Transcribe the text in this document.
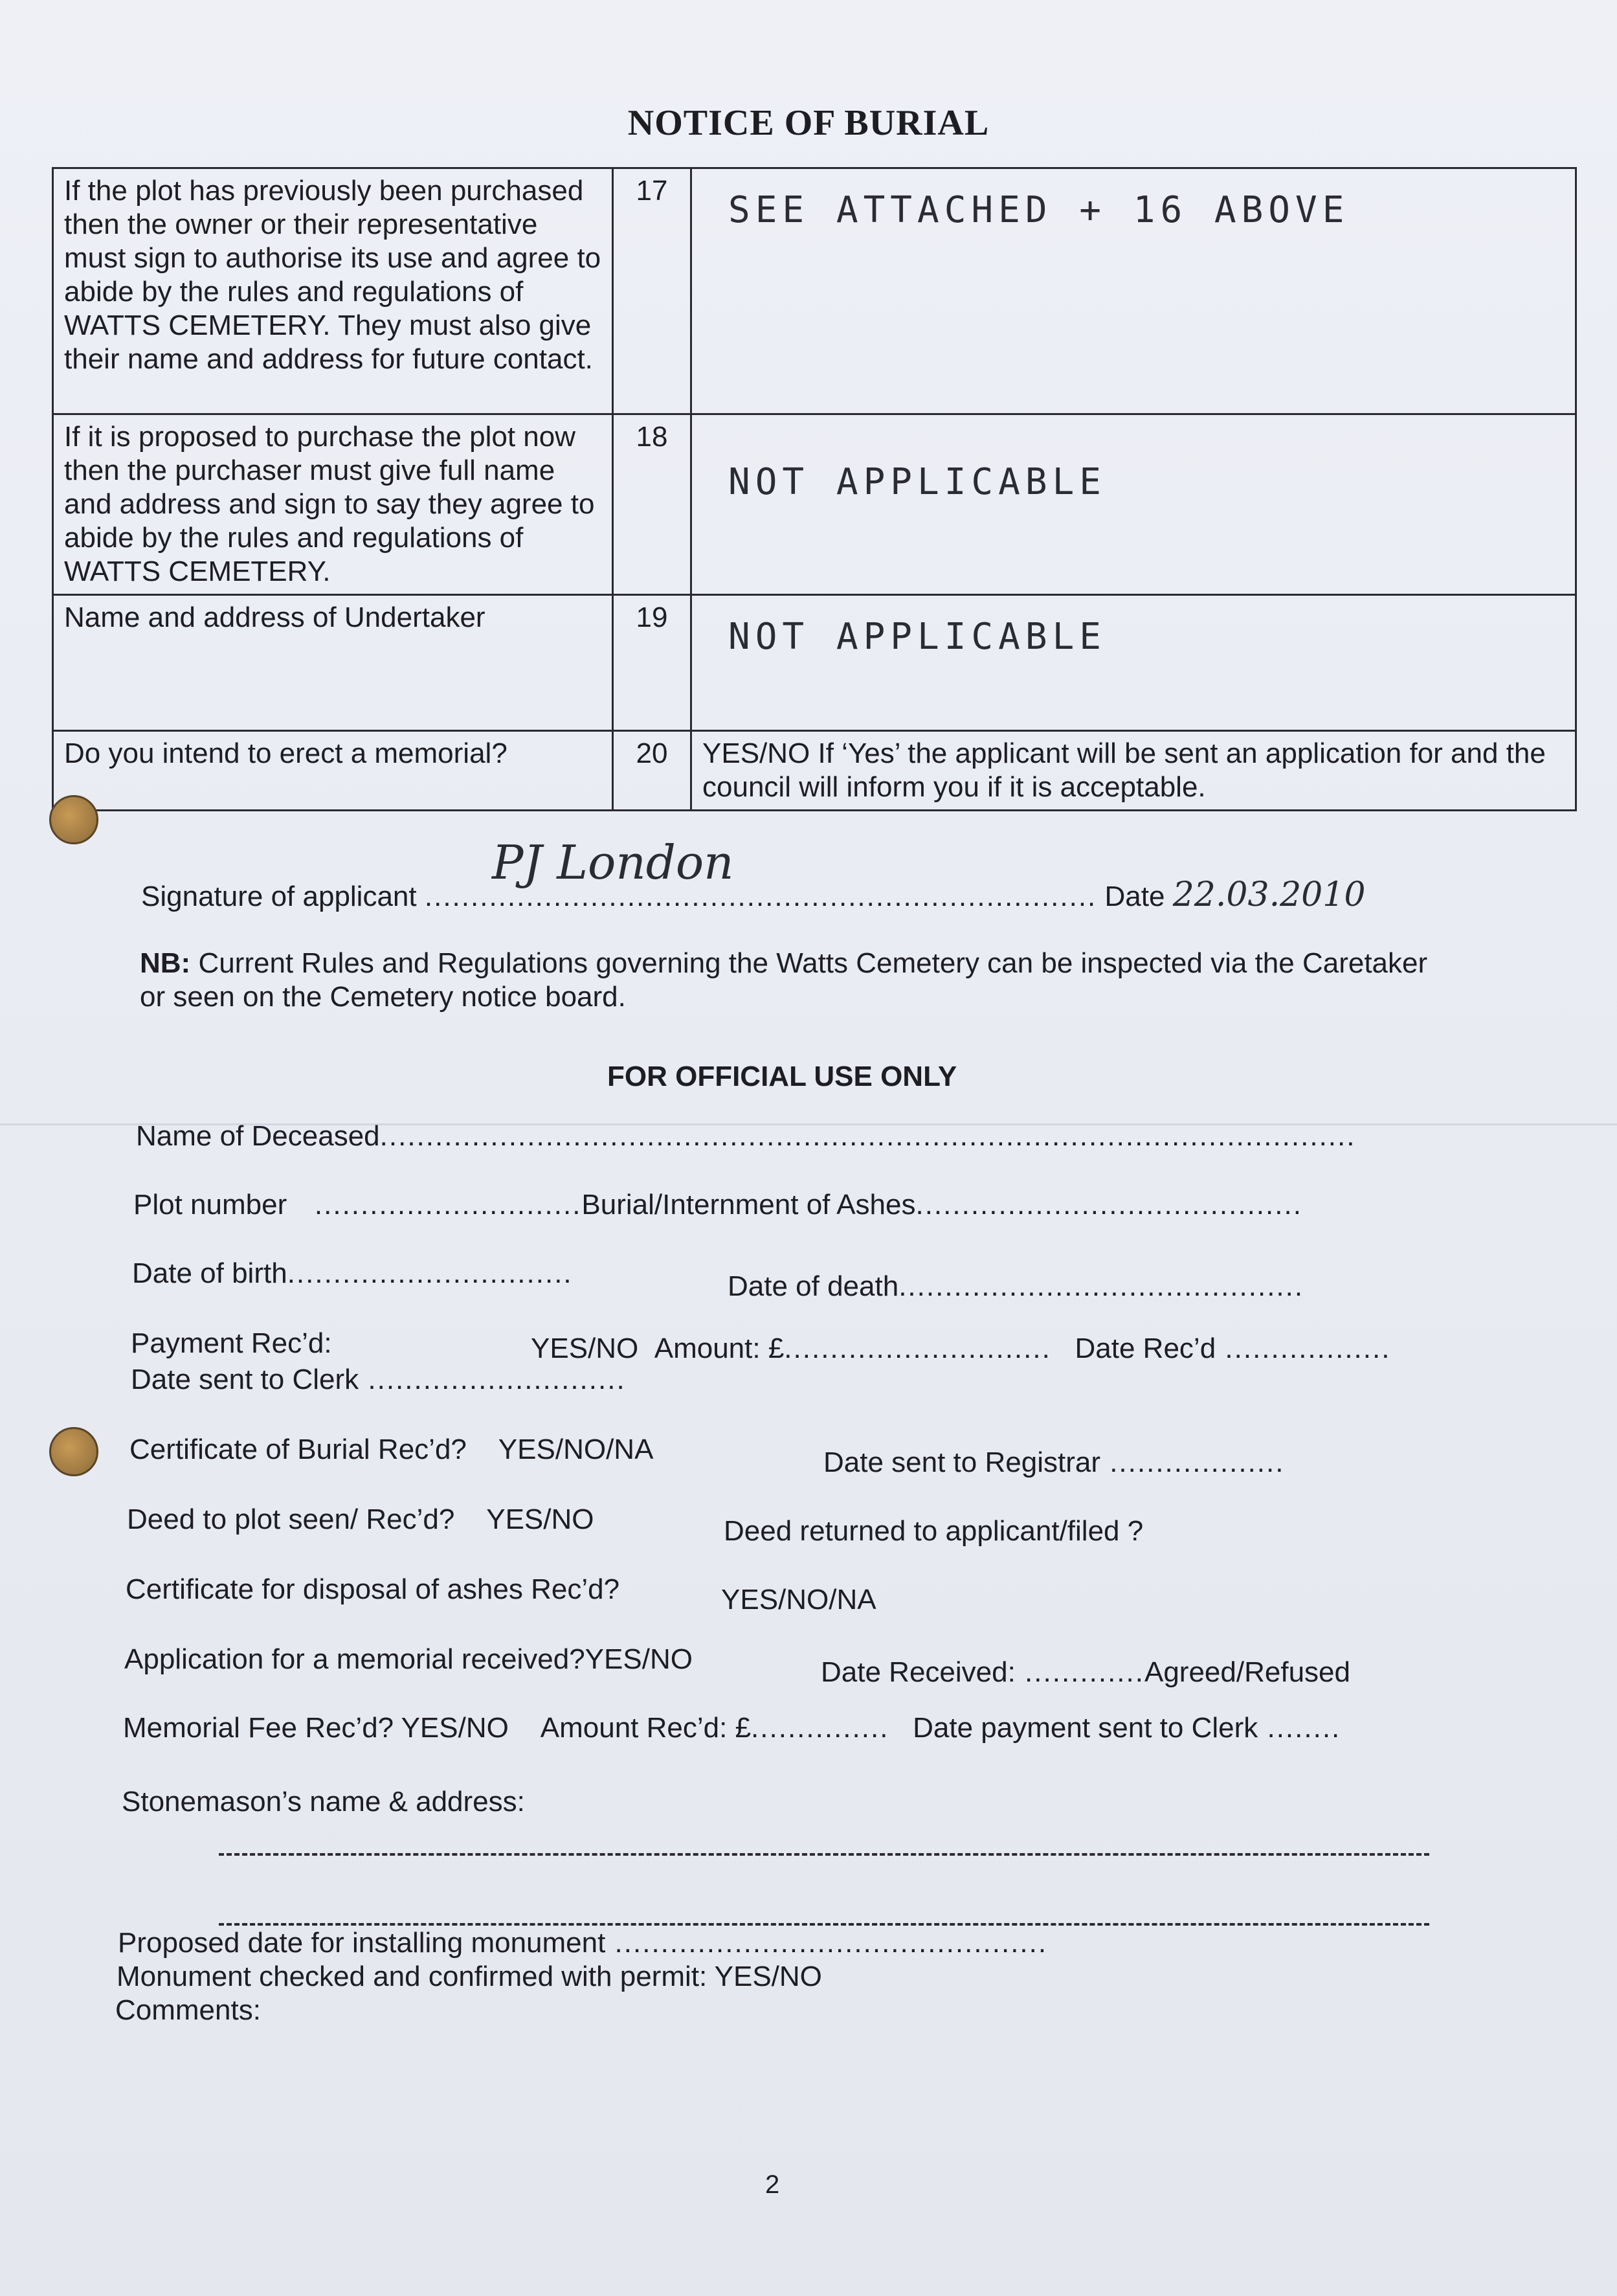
NOTICE OF BURIAL
If the plot has previously been purchased then the owner or their representative must sign to authorise its use and agree to abide by the rules and regulations of WATTS CEMETERY. They must also give their name and address for future contact.	17	SEE ATTACHED + 16 ABOVE

If it is proposed to purchase the plot now then the purchaser must give full name and address and sign to say they agree to abide by the rules and regulations of WATTS CEMETERY.	18	NOT APPLICABLE

Name and address of Undertaker	19	NOT APPLICABLE

Do you intend to erect a memorial?	20	YES/NO If ‘Yes’ the applicant will be sent an application for and the council will inform you if it is acceptable.
Signature of applicant ......................................................................... Date 22.03.2010
PJ London
NB: Current Rules and Regulations governing the Watts Cemetery can be inspected via the Caretaker or seen on the Cemetery notice board.
FOR OFFICIAL USE ONLY
Name of Deceased..........................................................................................................
Plot number   .............................Burial/Internment of Ashes..........................................
Date of birth...............................	Date of death............................................
Payment Rec’d:	YES/NO Amount: £............................. Date Rec’d ..................
Date sent to Clerk ............................
Certificate of Burial Rec’d? YES/NO/NA	Date sent to Registrar ...................
Deed to plot seen/ Rec’d? YES/NO	Deed returned to applicant/filed ?
Certificate for disposal of ashes Rec’d?	YES/NO/NA
Application for a memorial received?YES/NO	Date Received: .............Agreed/Refused
Memorial Fee Rec’d? YES/NO Amount Rec’d: £............... Date payment sent to Clerk ........
Stonemason’s name & address:
Proposed date for installing monument ...............................................
Monument checked and confirmed with permit: YES/NO
Comments:
2
